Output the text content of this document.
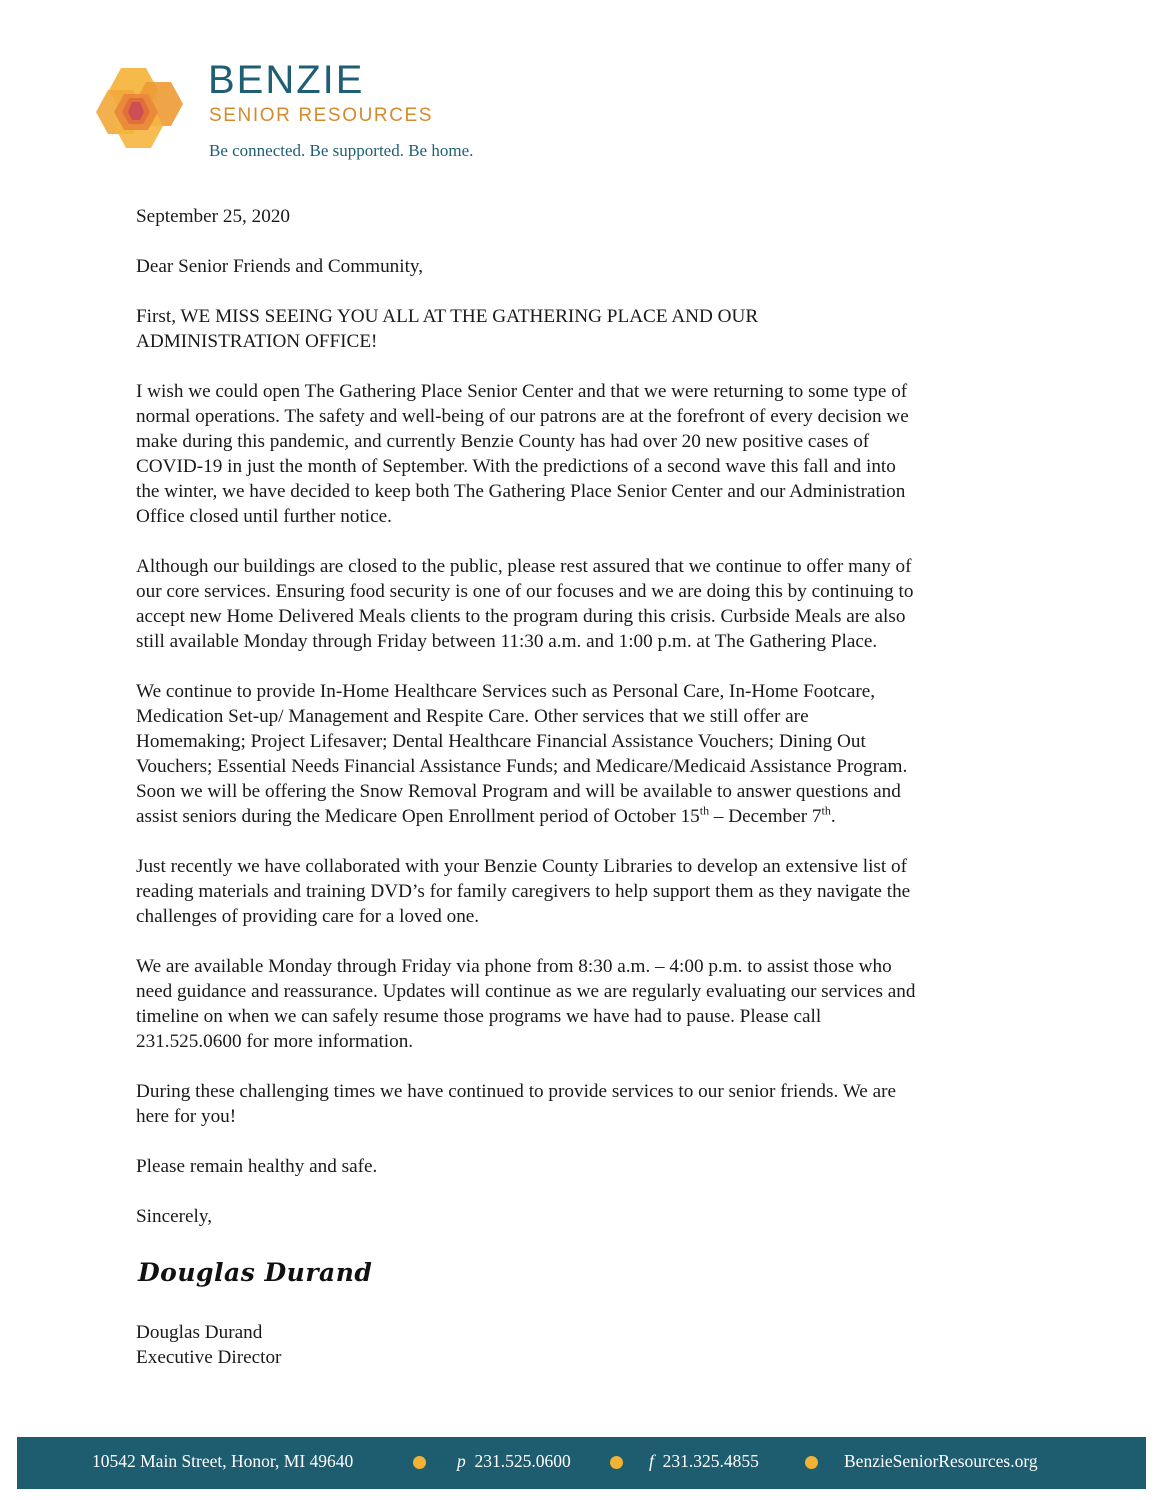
BENZIE
SENIOR RESOURCES
Be connected. Be supported. Be home.

September 25, 2020

Dear Senior Friends and Community,

First, WE MISS SEEING YOU ALL AT THE GATHERING PLACE AND OUR
ADMINISTRATION OFFICE!

I wish we could open The Gathering Place Senior Center and that we were returning to some type of
normal operations. The safety and well-being of our patrons are at the forefront of every decision we
make during this pandemic, and currently Benzie County has had over 20 new positive cases of
COVID-19 in just the month of September. With the predictions of a second wave this fall and into
the winter, we have decided to keep both The Gathering Place Senior Center and our Administration
Office closed until further notice.

Although our buildings are closed to the public, please rest assured that we continue to offer many of
our core services. Ensuring food security is one of our focuses and we are doing this by continuing to
accept new Home Delivered Meals clients to the program during this crisis. Curbside Meals are also
still available Monday through Friday between 11:30 a.m. and 1:00 p.m. at The Gathering Place.

We continue to provide In-Home Healthcare Services such as Personal Care, In-Home Footcare,
Medication Set-up/ Management and Respite Care. Other services that we still offer are
Homemaking; Project Lifesaver; Dental Healthcare Financial Assistance Vouchers; Dining Out
Vouchers; Essential Needs Financial Assistance Funds; and Medicare/Medicaid Assistance Program.
Soon we will be offering the Snow Removal Program and will be available to answer questions and
assist seniors during the Medicare Open Enrollment period of October 15th – December 7th.

Just recently we have collaborated with your Benzie County Libraries to develop an extensive list of
reading materials and training DVD’s for family caregivers to help support them as they navigate the
challenges of providing care for a loved one.

We are available Monday through Friday via phone from 8:30 a.m. – 4:00 p.m. to assist those who
need guidance and reassurance. Updates will continue as we are regularly evaluating our services and
timeline on when we can safely resume those programs we have had to pause. Please call
231.525.0600 for more information.

During these challenging times we have continued to provide services to our senior friends. We are
here for you!

Please remain healthy and safe.

Sincerely,

Douglas Durand
Douglas Durand
Executive Director
10542 Main Street, Honor, MI 49640	p 231.525.0600	f 231.325.4855	BenzieSeniorResources.org
